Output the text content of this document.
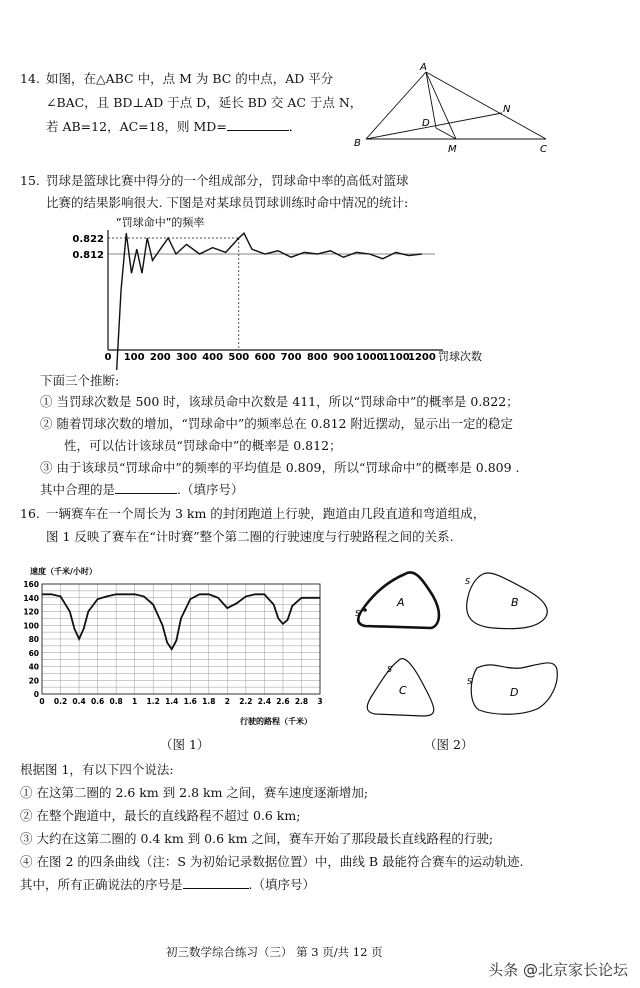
14. 如图，在△ABC 中，点 M 为 BC 的中点，AD 平分
∠BAC，且 BD⊥AD 于点 D，延长 BD 交 AC 于点 N，
若 AB=12，AC=18，则 MD=	．
A
B
C
D
M
N
15. 罚球是篮球比赛中得分的一个组成部分，罚球命中率的高低对篮球
比赛的结果影响很大. 下图是对某球员罚球训练时命中情况的统计:
“罚球命中”的频率
0 100 200 300 400 500 600 700 800 900 1000
1100
1200
0.812
0.822
罚球次数
下面三个推断:
① 当罚球次数是 500 时，该球员命中次数是 411，所以“罚球命中”的概率是 0.822；
② 随着罚球次数的增加，“罚球命中”的频率总在 0.812 附近摆动，显示出一定的稳定
性，可以估计该球员“罚球命中”的概率是 0.812；
③ 由于该球员“罚球命中”的频率的平均值是 0.809，所以“罚球命中”的概率是 0.809 .
其中合理的是	.（填序号）
16. 一辆赛车在一个周长为 3 km 的封闭跑道上行驶，跑道由几段直道和弯道组成，
图 1 反映了赛车在“计时赛”整个第二圈的行驶速度与行驶路程之间的关系.
速度（千米/小时）
0 0.2 0.4 0.6 0.8 1 1.2 1.4 1.6 1.8 2 2.2 2.4 2.6 2.8 3
0
20
40
60
80
100
120
140
160
行驶的路程（千米）
A
S
B
S
C
S
D
S
（图 1）	（图 2）
根据图 1，有以下四个说法:
① 在这第二圈的 2.6 km 到 2.8 km 之间，赛车速度逐渐增加;
② 在整个跑道中，最长的直线路程不超过 0.6 km;
③ 大约在这第二圈的 0.4 km 到 0.6 km 之间，赛车开始了那段最长直线路程的行驶;
④ 在图 2 的四条曲线（注：S 为初始记录数据位置）中，曲线 B 最能符合赛车的运动轨迹.
其中，所有正确说法的序号是	.（填序号）
初三数学综合练习（三） 第 3 页/共 12 页
头条 @北京家长论坛
